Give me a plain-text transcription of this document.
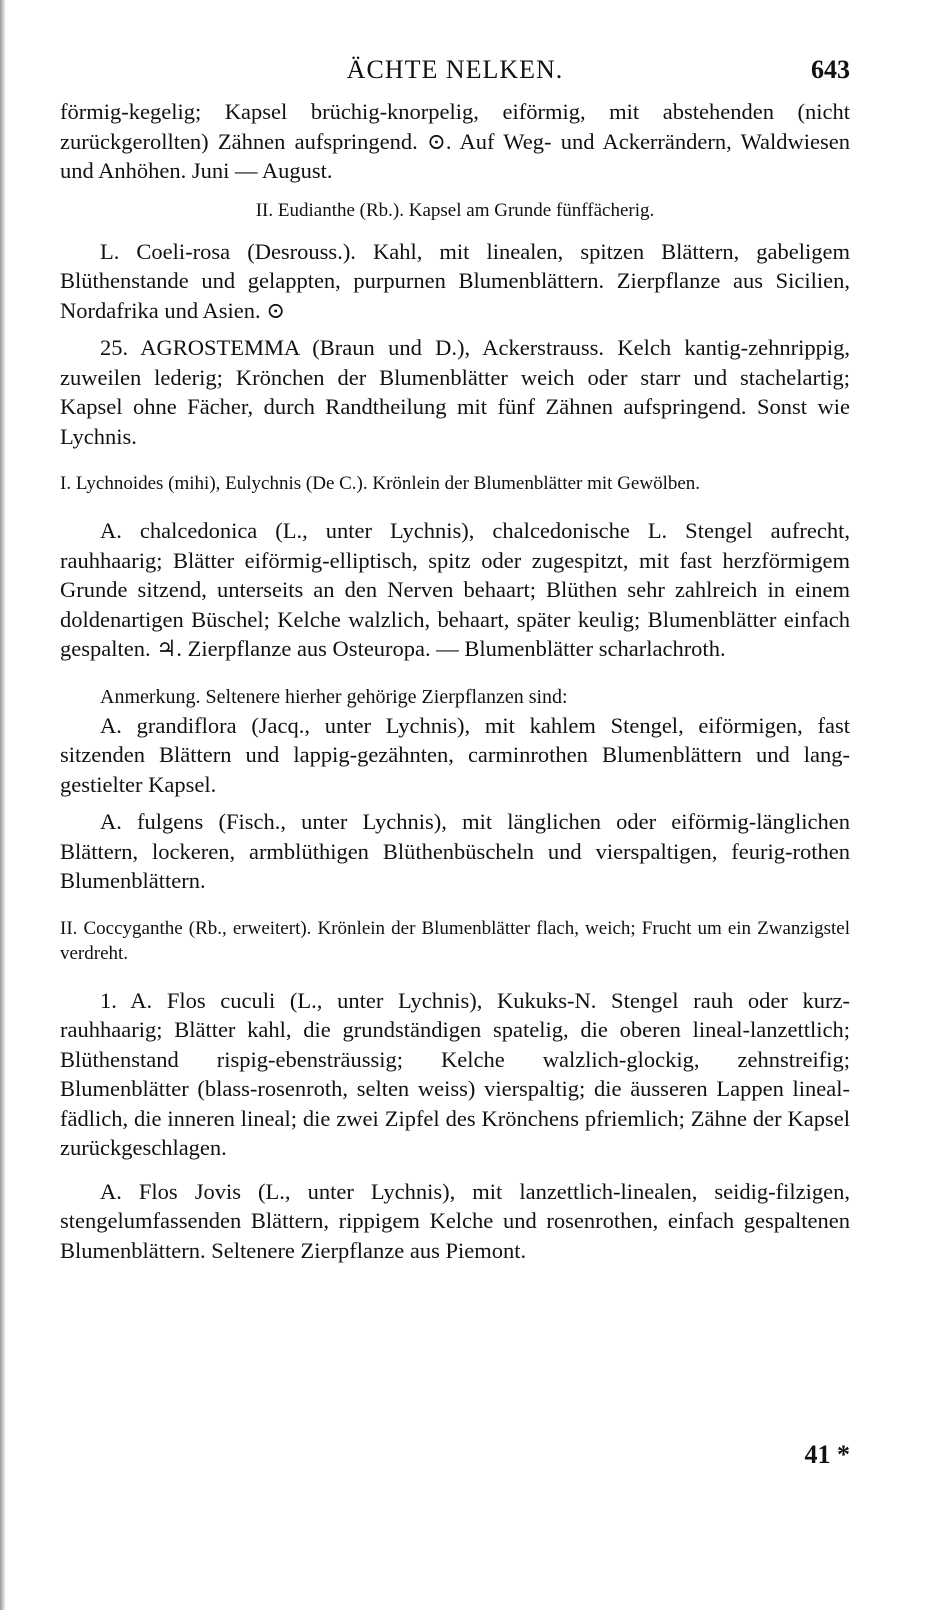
ÄCHTE NELKEN.	643

förmig-kegelig; Kapsel brüchig-knorpelig, eiförmig, mit abstehenden (nicht zurückgerollten) Zähnen aufspringend. ⊙. Auf Weg- und Ackerrändern, Waldwiesen und Anhöhen. Juni — August.

II. Eudianthe (Rb.). Kapsel am Grunde fünffächerig.

L. Coeli-rosa (Desrouss.). Kahl, mit linealen, spitzen Blättern, gabeligem Blüthenstande und gelappten, purpurnen Blumenblättern. Zierpflanze aus Sicilien, Nordafrika und Asien. ⊙

25. AGROSTEMMA (Braun und D.), Ackerstrauss. Kelch kantig-zehnrippig, zuweilen lederig; Krönchen der Blumenblätter weich oder starr und stachelartig; Kapsel ohne Fächer, durch Randtheilung mit fünf Zähnen aufspringend. Sonst wie Lychnis.

I. Lychnoides (mihi), Eulychnis (De C.). Krönlein der Blumenblätter mit Gewölben.

A. chalcedonica (L., unter Lychnis), chalcedonische L. Stengel aufrecht, rauhhaarig; Blätter eiförmig-elliptisch, spitz oder zugespitzt, mit fast herzförmigem Grunde sitzend, unterseits an den Nerven behaart; Blüthen sehr zahlreich in einem doldenartigen Büschel; Kelche walzlich, behaart, später keulig; Blumenblätter einfach gespalten. ♃. Zierpflanze aus Osteuropa. — Blumenblätter scharlachroth.

Anmerkung. Seltenere hierher gehörige Zierpflanzen sind:

A. grandiflora (Jacq., unter Lychnis), mit kahlem Stengel, eiförmigen, fast sitzenden Blättern und lappig-gezähnten, carminrothen Blumenblättern und lang-gestielter Kapsel.

A. fulgens (Fisch., unter Lychnis), mit länglichen oder eiförmig-länglichen Blättern, lockeren, armblüthigen Blüthenbüscheln und vierspaltigen, feurig-rothen Blumenblättern.

II. Coccyganthe (Rb., erweitert). Krönlein der Blumenblätter flach, weich; Frucht um ein Zwanzigstel verdreht.

1. A. Flos cuculi (L., unter Lychnis), Kukuks-N. Stengel rauh oder kurz-rauhhaarig; Blätter kahl, die grundständigen spatelig, die oberen lineal-lanzettlich; Blüthenstand rispig-ebensträussig; Kelche walzlich-glockig, zehnstreifig; Blumenblätter (blass-rosenroth, selten weiss) vierspaltig; die äusseren Lappen lineal-fädlich, die inneren lineal; die zwei Zipfel des Krönchens pfriemlich; Zähne der Kapsel zurückgeschlagen.

A. Flos Jovis (L., unter Lychnis), mit lanzettlich-linealen, seidig-filzigen, stengelumfassenden Blättern, rippigem Kelche und rosenrothen, einfach gespaltenen Blumenblättern. Seltenere Zierpflanze aus Piemont.

41 *
